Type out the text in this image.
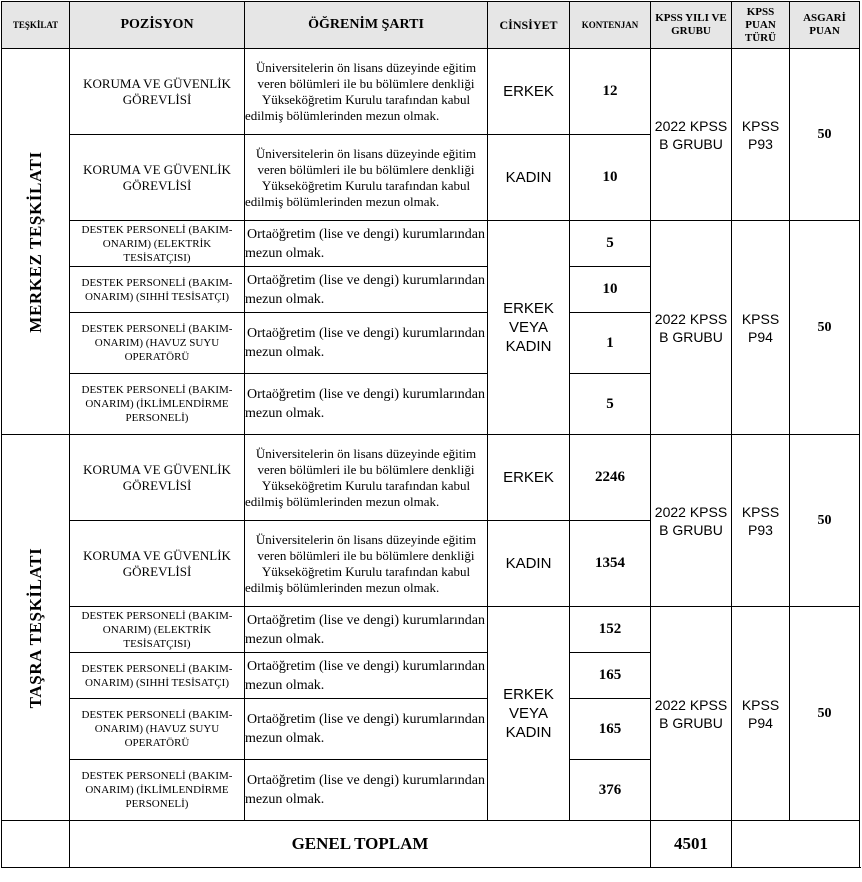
TEŞKİLAT	POZİSYON	ÖĞRENİM ŞARTI	CİNSİYET	KONTENJAN	KPSS YILI VE GRUBU	KPSS PUAN TÜRÜ	ASGARİ PUAN

MERKEZ TEŞKİLATI	KORUMA VE GÜVENLİK GÖREVLİSİ	Üniversitelerin ön lisans düzeyinde eğitim veren bölümleri ile bu bölümlere denkliği Yükseköğretim Kurulu tarafından kabul edilmiş bölümlerinden mezun olmak.	ERKEK	12	2022 KPSS B GRUBU	KPSS P93	50
	KORUMA VE GÜVENLİK GÖREVLİSİ	Üniversitelerin ön lisans düzeyinde eğitim veren bölümleri ile bu bölümlere denkliği Yükseköğretim Kurulu tarafından kabul edilmiş bölümlerinden mezun olmak.	KADIN	10			
	DESTEK PERSONELİ (BAKIM-ONARIM) (ELEKTRİK TESİSATÇISI)	Ortaöğretim (lise ve dengi) kurumlarından mezun olmak.	ERKEK VEYA KADIN	5	2022 KPSS B GRUBU	KPSS P94	50
	DESTEK PERSONELİ (BAKIM-ONARIM) (SIHHİ TESİSATÇI)	Ortaöğretim (lise ve dengi) kurumlarından mezun olmak.		10			
	DESTEK PERSONELİ (BAKIM-ONARIM) (HAVUZ SUYU OPERATÖRÜ	Ortaöğretim (lise ve dengi) kurumlarından mezun olmak.		1			
	DESTEK PERSONELİ (BAKIM-ONARIM) (İKLİMLENDİRME PERSONELİ)	Ortaöğretim (lise ve dengi) kurumlarından mezun olmak.		5			

TAŞRA TEŞKİLATI	KORUMA VE GÜVENLİK GÖREVLİSİ	Üniversitelerin ön lisans düzeyinde eğitim veren bölümleri ile bu bölümlere denkliği Yükseköğretim Kurulu tarafından kabul edilmiş bölümlerinden mezun olmak.	ERKEK	2246	2022 KPSS B GRUBU	KPSS P93	50
	KORUMA VE GÜVENLİK GÖREVLİSİ	Üniversitelerin ön lisans düzeyinde eğitim veren bölümleri ile bu bölümlere denkliği Yükseköğretim Kurulu tarafından kabul edilmiş bölümlerinden mezun olmak.	KADIN	1354			
	DESTEK PERSONELİ (BAKIM-ONARIM) (ELEKTRİK TESİSATÇISI)	Ortaöğretim (lise ve dengi) kurumlarından mezun olmak.	ERKEK VEYA KADIN	152	2022 KPSS B GRUBU	KPSS P94	50
	DESTEK PERSONELİ (BAKIM-ONARIM) (SIHHİ TESİSATÇI)	Ortaöğretim (lise ve dengi) kurumlarından mezun olmak.		165			
	DESTEK PERSONELİ (BAKIM-ONARIM) (HAVUZ SUYU OPERATÖRÜ	Ortaöğretim (lise ve dengi) kurumlarından mezun olmak.		165			
	DESTEK PERSONELİ (BAKIM-ONARIM) (İKLİMLENDİRME PERSONELİ)	Ortaöğretim (lise ve dengi) kurumlarından mezun olmak.		376			
	GENEL TOPLAM				4501		
